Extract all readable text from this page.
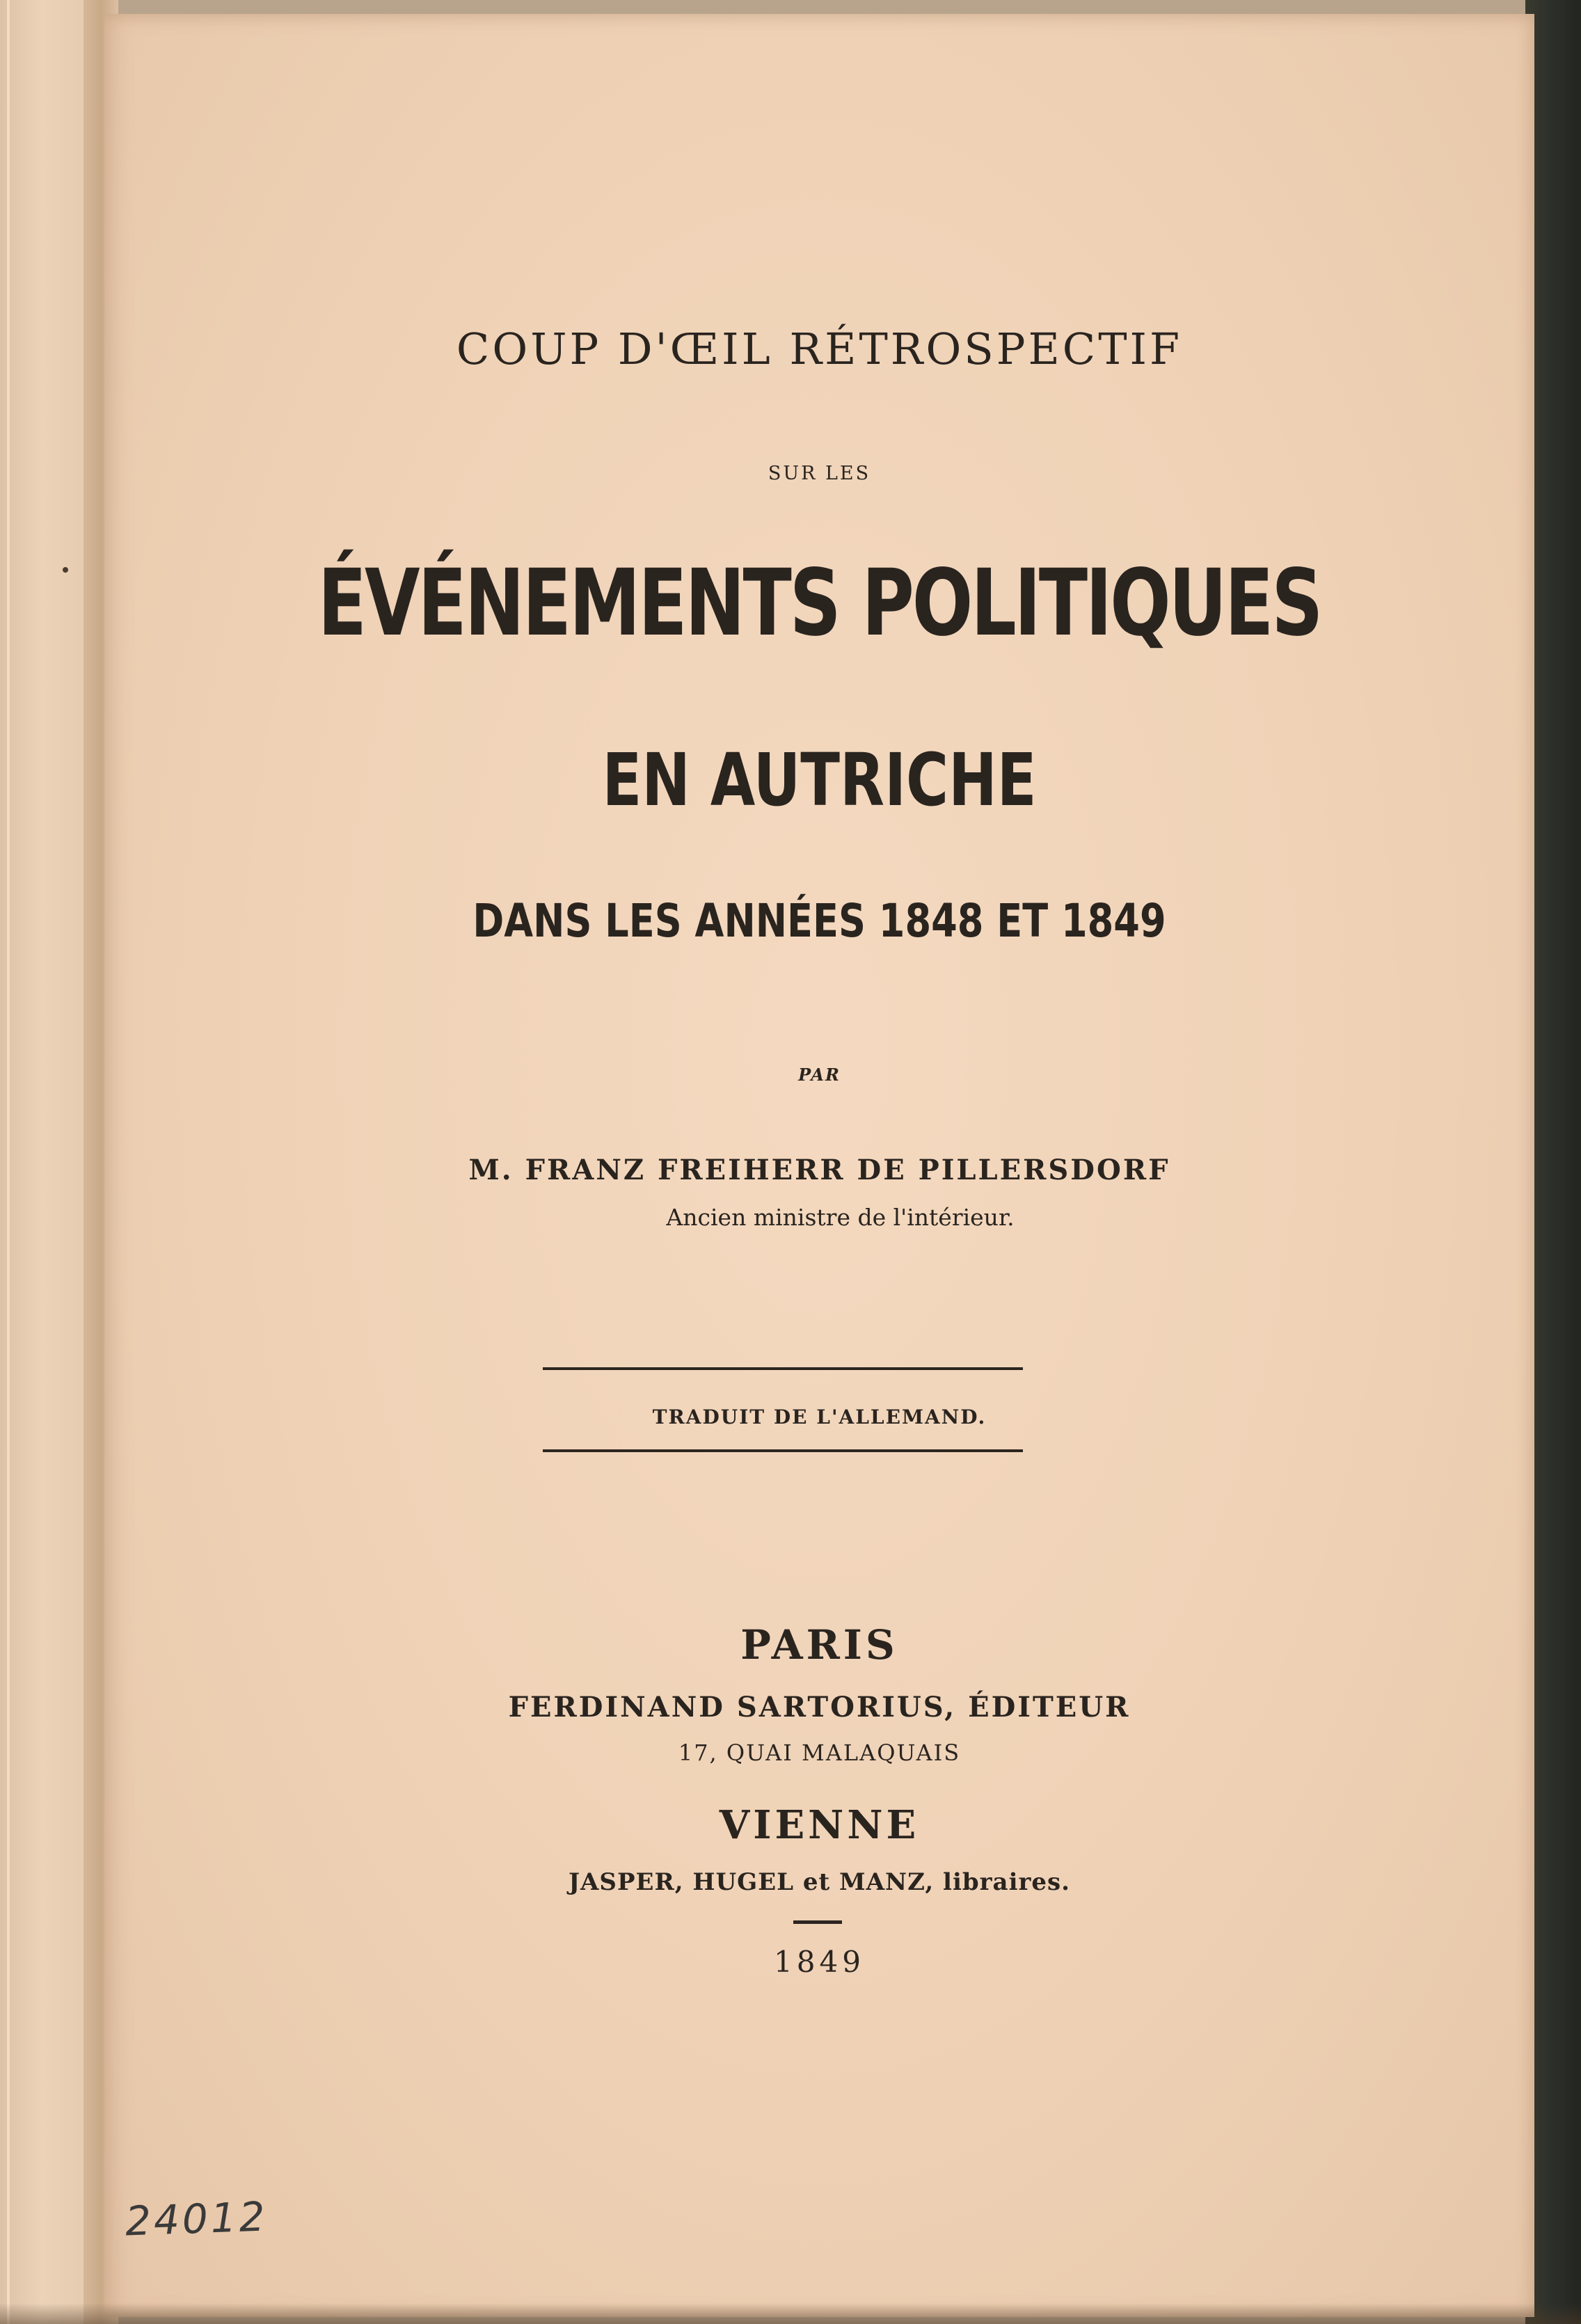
COUP D'ŒIL RÉTROSPECTIF
SUR LES
ÉVÉNEMENTS POLITIQUES
EN AUTRICHE
DANS LES ANNÉES 1848 ET 1849
PAR
M. FRANZ FREIHERR DE PILLERSDORF
Ancien ministre de l'intérieur.
TRADUIT DE L'ALLEMAND.
PARIS
FERDINAND SARTORIUS, ÉDITEUR
17, QUAI MALAQUAIS
VIENNE
JASPER, HUGEL et MANZ, libraires.
1849
24012
